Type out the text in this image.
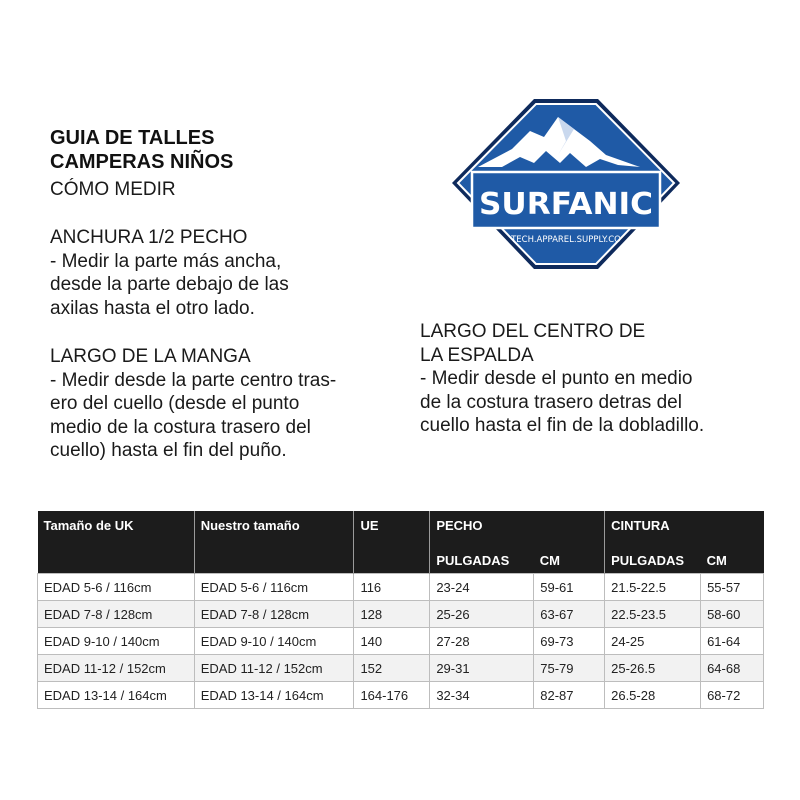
GUIA DE TALLES
CAMPERAS NIÑOS
CÓMO MEDIR

ANCHURA 1/2 PECHO

- Medir la parte más ancha,

desde la parte debajo de las

axilas hasta el otro lado.

LARGO DE LA MANGA

- Medir desde la parte centro tras-

ero del cuello (desde el punto

medio de la costura trasero del

cuello) hasta el fin del puño.

LARGO DEL CENTRO DE

LA ESPALDA

- Medir desde el punto en medio

de la costura trasero detras del

cuello hasta el fin de la dobladillo.

SURFANIC
TECH.APPAREL.SUPPLY.CO
Tamaño de UK	Nuestro tamaño	UE	PECHO		CINTURA	
			PULGADAS	CM	PULGADAS	CM
EDAD 5-6 / 116cm	EDAD 5-6 / 116cm	116	23-24	59-61	21.5-22.5	55-57
EDAD 7-8 / 128cm	EDAD 7-8 / 128cm	128	25-26	63-67	22.5-23.5	58-60
EDAD 9-10 / 140cm	EDAD 9-10 / 140cm	140	27-28	69-73	24-25	61-64
EDAD 11-12 / 152cm	EDAD 11-12 / 152cm	152	29-31	75-79	25-26.5	64-68
EDAD 13-14 / 164cm	EDAD 13-14 / 164cm	164-176	32-34	82-87	26.5-28	68-72
